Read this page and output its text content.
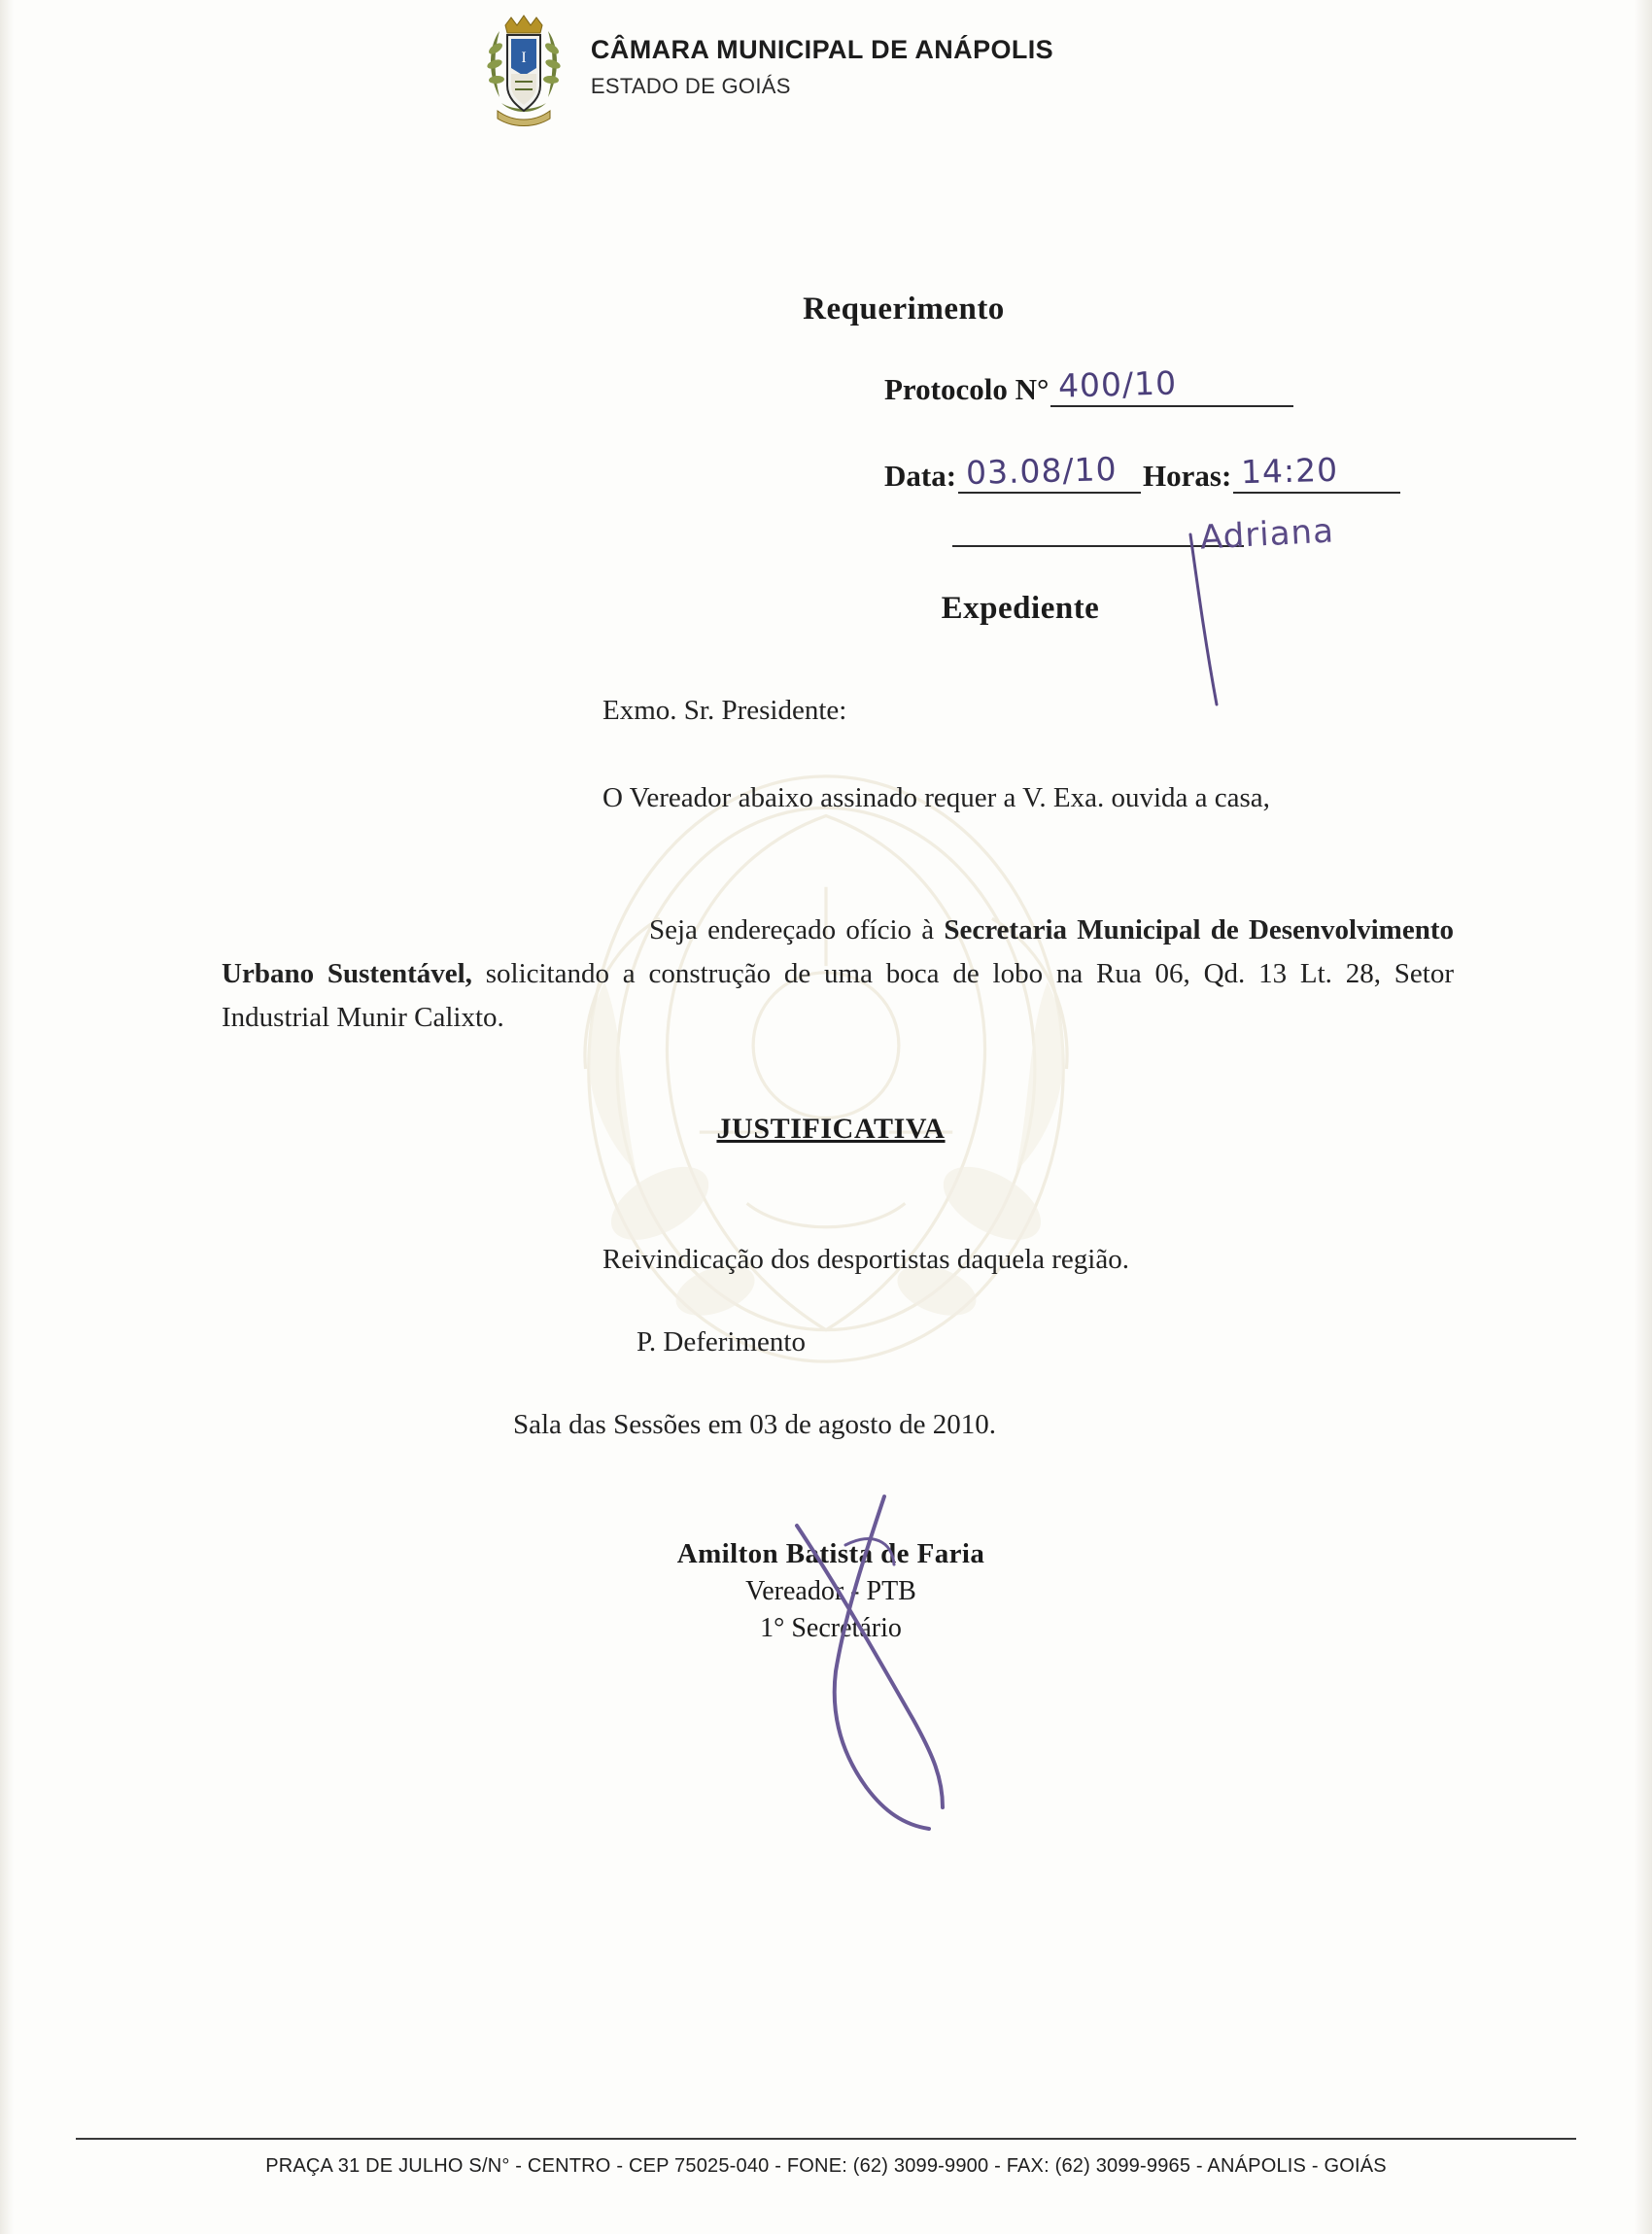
I CÂMARA MUNICIPAL DE ANÁPOLIS
ESTADO DE GOIÁS
Requerimento
Protocolo N° 400/10
Data: 03.08/10 Horas: 14:20
Adriana
Expediente
Exmo. Sr. Presidente:
O Vereador abaixo assinado requer a V. Exa. ouvida a casa,
Seja endereçado ofício à Secretaria Municipal de Desenvolvimento Urbano Sustentável, solicitando a construção de uma boca de lobo na Rua 06, Qd. 13 Lt. 28, Setor Industrial Munir Calixto.
JUSTIFICATIVA
Reivindicação dos desportistas daquela região.
P. Deferimento
Sala das Sessões em 03 de agosto de 2010.
Amilton Batista de Faria
Vereador - PTB
1° Secretário
PRAÇA 31 DE JULHO S/N° - CENTRO - CEP 75025-040 - FONE: (62) 3099-9900 - FAX: (62) 3099-9965 - ANÁPOLIS - GOIÁS
